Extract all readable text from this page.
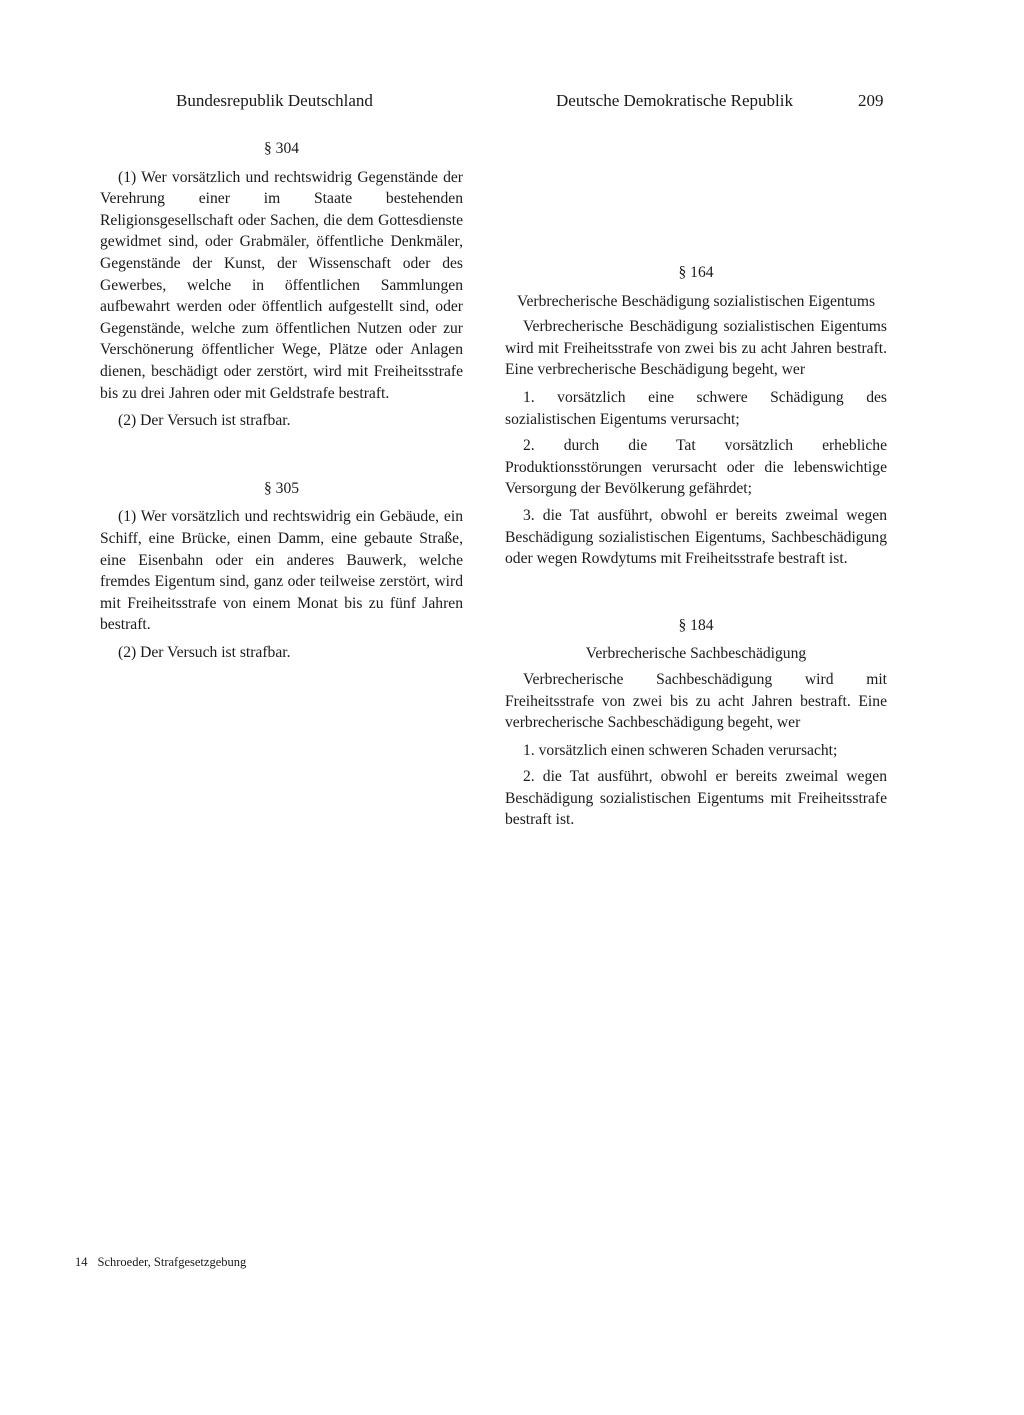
Bundesrepublik Deutschland	Deutsche Demokratische Republik	209
§ 304

(1) Wer vorsätzlich und rechtswidrig Gegenstände der Verehrung einer im Staate bestehenden Religionsgesellschaft oder Sachen, die dem Gottesdienste gewidmet sind, oder Grabmäler, öffentliche Denkmäler, Gegenstände der Kunst, der Wissenschaft oder des Gewerbes, welche in öffentlichen Sammlungen aufbewahrt werden oder öffentlich aufgestellt sind, oder Gegenstände, welche zum öffentlichen Nutzen oder zur Verschönerung öffentlicher Wege, Plätze oder Anlagen dienen, beschädigt oder zerstört, wird mit Freiheitsstrafe bis zu drei Jahren oder mit Geldstrafe bestraft.

(2) Der Versuch ist strafbar.

§ 305

(1) Wer vorsätzlich und rechtswidrig ein Gebäude, ein Schiff, eine Brücke, einen Damm, eine gebaute Straße, eine Eisenbahn oder ein anderes Bauwerk, welche fremdes Eigentum sind, ganz oder teilweise zerstört, wird mit Freiheitsstrafe von einem Monat bis zu fünf Jahren bestraft.

(2) Der Versuch ist strafbar.

§ 164
Verbrecherische Beschädigung sozialistischen Eigentums

Verbrecherische Beschädigung sozialistischen Eigentums wird mit Freiheitsstrafe von zwei bis zu acht Jahren bestraft. Eine verbrecherische Beschädigung begeht, wer

1. vorsätzlich eine schwere Schädigung des sozialistischen Eigentums verursacht;

2. durch die Tat vorsätzlich erhebliche Produktionsstörungen verursacht oder die lebenswichtige Versorgung der Bevölkerung gefährdet;

3. die Tat ausführt, obwohl er bereits zweimal wegen Beschädigung sozialistischen Eigentums, Sachbeschädigung oder wegen Rowdytums mit Freiheitsstrafe bestraft ist.

§ 184
Verbrecherische Sachbeschädigung

Verbrecherische Sachbeschädigung wird mit Freiheitsstrafe von zwei bis zu acht Jahren bestraft. Eine verbrecherische Sachbeschädigung begeht, wer

1. vorsätzlich einen schweren Schaden verursacht;

2. die Tat ausführt, obwohl er bereits zweimal wegen Beschädigung sozialistischen Eigentums mit Freiheitsstrafe bestraft ist.

14 Schroeder, Strafgesetzgebung
